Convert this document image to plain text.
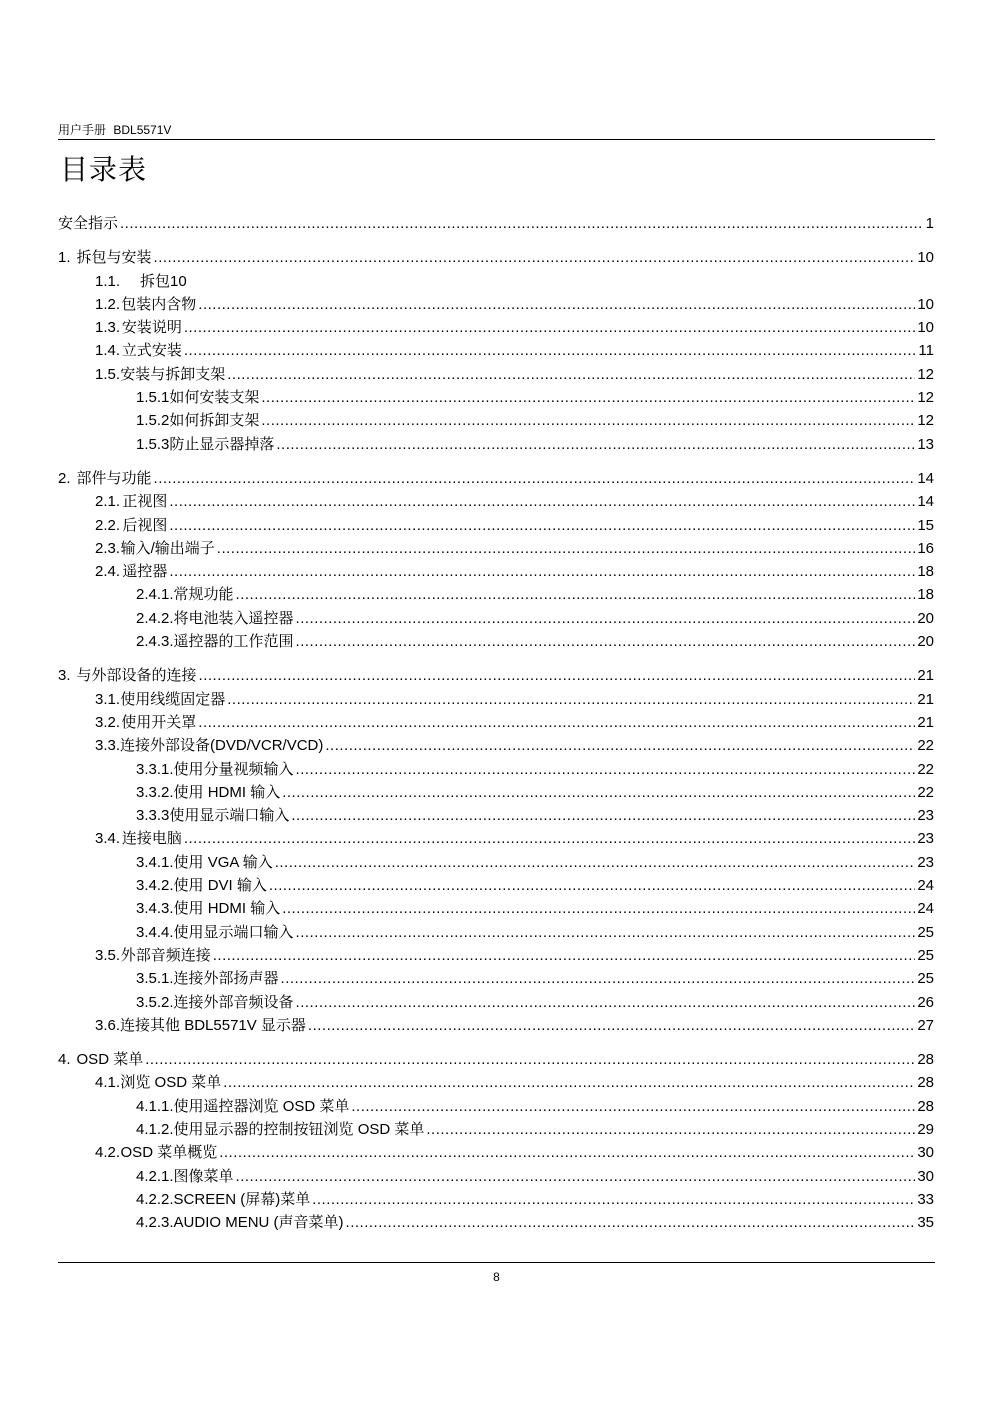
用户手册 BDL5571V
目录表
安全指示 .....	1
1. 拆包与安装 .....	10
1.1.	拆包10
1.2. 包装内含物 .....	10
1.3. 安装说明 .....	10
1.4. 立式安装 .....	11
1.5. 安装与拆卸支架 .....	12
1.5.1 如何安装支架 .....	12
1.5.2 如何拆卸支架 .....	12
1.5.3 防止显示器掉落 .....	13
2. 部件与功能 .....	14
2.1. 正视图 .....	14
2.2. 后视图 .....	15
2.3. 输入/输出端子 .....	16
2.4. 遥控器 .....	18
2.4.1. 常规功能 .....	18
2.4.2. 将电池装入遥控器 .....	20
2.4.3. 遥控器的工作范围 .....	20
3. 与外部设备的连接 .....	21
3.1. 使用线缆固定器 .....	21
3.2. 使用开关罩 .....	21
3.3. 连接外部设备(DVD/VCR/VCD) .....	22
3.3.1. 使用分量视频输入 .....	22
3.3.2. 使用 HDMI 输入 .....	22
3.3.3 使用显示端口输入 .....	23
3.4. 连接电脑 .....	23
3.4.1. 使用 VGA 输入 .....	23
3.4.2. 使用 DVI 输入 .....	24
3.4.3. 使用 HDMI 输入 .....	24
3.4.4. 使用显示端口输入 .....	25
3.5. 外部音频连接 .....	25
3.5.1. 连接外部扬声器 .....	25
3.5.2. 连接外部音频设备 .....	26
3.6. 连接其他 BDL5571V 显示器 .....	27
4. OSD 菜单 .....	28
4.1. 浏览 OSD 菜单 .....	28
4.1.1. 使用遥控器浏览 OSD 菜单 .....	28
4.1.2. 使用显示器的控制按钮浏览 OSD 菜单 .....	29
4.2. OSD 菜单概览 .....	30
4.2.1. 图像菜单 .....	30
4.2.2. SCREEN (屏幕)菜单 .....	33
4.2.3. AUDIO MENU (声音菜单) .....	35
8
